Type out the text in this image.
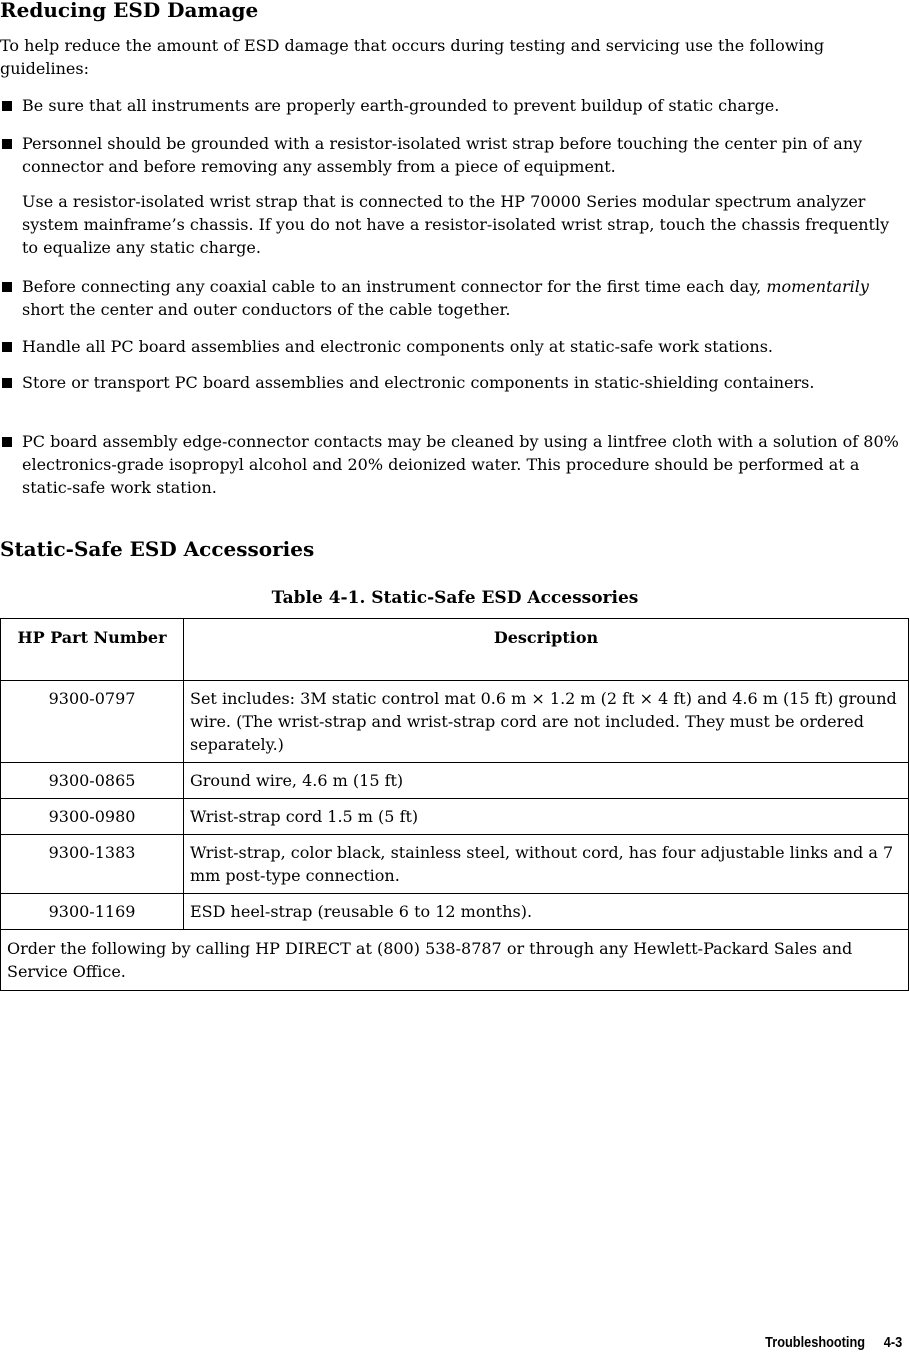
Reducing ESD Damage

To help reduce the amount of ESD damage that occurs during testing and servicing use the following guidelines:

Be sure that all instruments are properly earth-grounded to prevent buildup of static charge.

Personnel should be grounded with a resistor-isolated wrist strap before touching the center pin of any connector and before removing any assembly from a piece of equipment.

Use a resistor-isolated wrist strap that is connected to the HP 70000 Series modular spectrum analyzer system mainframe’s chassis. If you do not have a resistor-isolated wrist strap, touch the chassis frequently to equalize any static charge.

Before connecting any coaxial cable to an instrument connector for the first time each day, momentarily short the center and outer conductors of the cable together.

Handle all PC board assemblies and electronic components only at static-safe work stations.

Store or transport PC board assemblies and electronic components in static-shielding containers.

PC board assembly edge-connector contacts may be cleaned by using a lintfree cloth with a solution of 80% electronics-grade isopropyl alcohol and 20% deionized water. This procedure should be performed at a static-safe work station.

Static-Safe ESD Accessories
Table 4-1. Static-Safe ESD Accessories
HP Part Number	Description
9300-0797	Set includes: 3M static control mat 0.6 m × 1.2 m (2 ft × 4 ft) and 4.6 m (15 ft) ground wire. (The wrist-strap and wrist-strap cord are not included. They must be ordered separately.)
9300-0865	Ground wire, 4.6 m (15 ft)
9300-0980	Wrist-strap cord 1.5 m (5 ft)
9300-1383	Wrist-strap, color black, stainless steel, without cord, has four adjustable links and a 7 mm post-type connection.
9300-1169	ESD heel-strap (reusable 6 to 12 months).
Order the following by calling HP DIRECT at (800) 538-8787 or through any Hewlett-Packard Sales and Service Office.	
Troubleshooting 4-3
